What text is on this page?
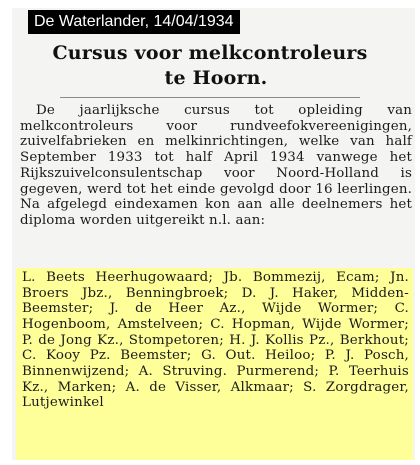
De Waterlander, 14/04/1934
Cursus voor melkcontroleurs
te Hoorn.

De jaarlijksche cursus tot opleiding van melkcontroleurs voor rundveefokvereenigingen, zuivelfabrieken en melkinrichtingen, welke van half September 1933 tot half April 1934 vanwege het Rijkszuivelconsulentschap voor Noord-Holland is gegeven, werd tot het einde gevolgd door 16 leerlingen. Na afgelegd eindexamen kon aan alle deelnemers het diploma worden uitgereikt n.l. aan:

L. Beets Heerhugowaard; Jb. Bommezij, Ecam; Jn. Broers Jbz., Benningbroek; D. J. Haker, Midden-Beemster; J. de Heer Az., Wijde Wormer; C. Hogenboom, Amstelveen; C. Hopman, Wijde Wormer; P. de Jong Kz., Stompetoren; H. J. Kollis Pz., Berkhout; C. Kooy Pz. Beemster; G. Out. Heiloo; P. J. Posch, Binnenwijzend; A. Struving. Purmerend; P. Teerhuis Kz., Marken; A. de Visser, Alkmaar; S. Zorgdrager, Lutjewinkel
